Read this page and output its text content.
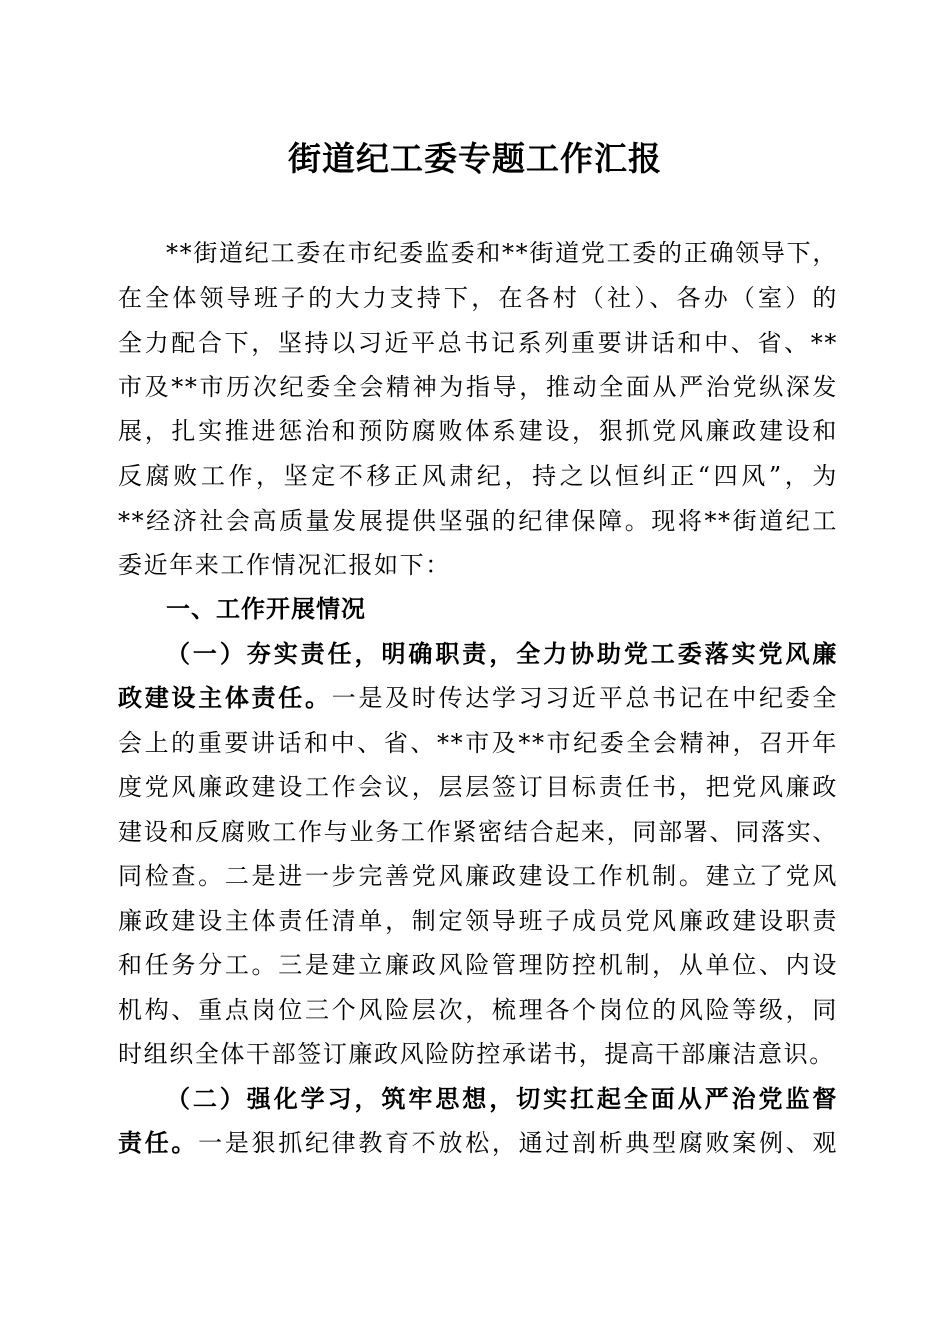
街道纪工委专题工作汇报
**街道纪工委在市纪委监委和**街道党工委的正确领导下，
在全体领导班子的大力支持下，在各村（社）、各办（室）的
全力配合下，坚持以习近平总书记系列重要讲话和中、省、**
市及**市历次纪委全会精神为指导，推动全面从严治党纵深发
展，扎实推进惩治和预防腐败体系建设，狠抓党风廉政建设和
反腐败工作，坚定不移正风肃纪，持之以恒纠正“四风”，为
**经济社会高质量发展提供坚强的纪律保障。现将**街道纪工
委近年来工作情况汇报如下：
一、工作开展情况
（一）夯实责任，明确职责，全力协助党工委落实党风廉
政建设主体责任。一是及时传达学习习近平总书记在中纪委全
会上的重要讲话和中、省、**市及**市纪委全会精神，召开年
度党风廉政建设工作会议，层层签订目标责任书，把党风廉政
建设和反腐败工作与业务工作紧密结合起来，同部署、同落实、
同检查。二是进一步完善党风廉政建设工作机制。建立了党风
廉政建设主体责任清单，制定领导班子成员党风廉政建设职责
和任务分工。三是建立廉政风险管理防控机制，从单位、内设
机构、重点岗位三个风险层次，梳理各个岗位的风险等级，同
时组织全体干部签订廉政风险防控承诺书，提高干部廉洁意识。
（二）强化学习，筑牢思想，切实扛起全面从严治党监督
责任。一是狠抓纪律教育不放松，通过剖析典型腐败案例、观
